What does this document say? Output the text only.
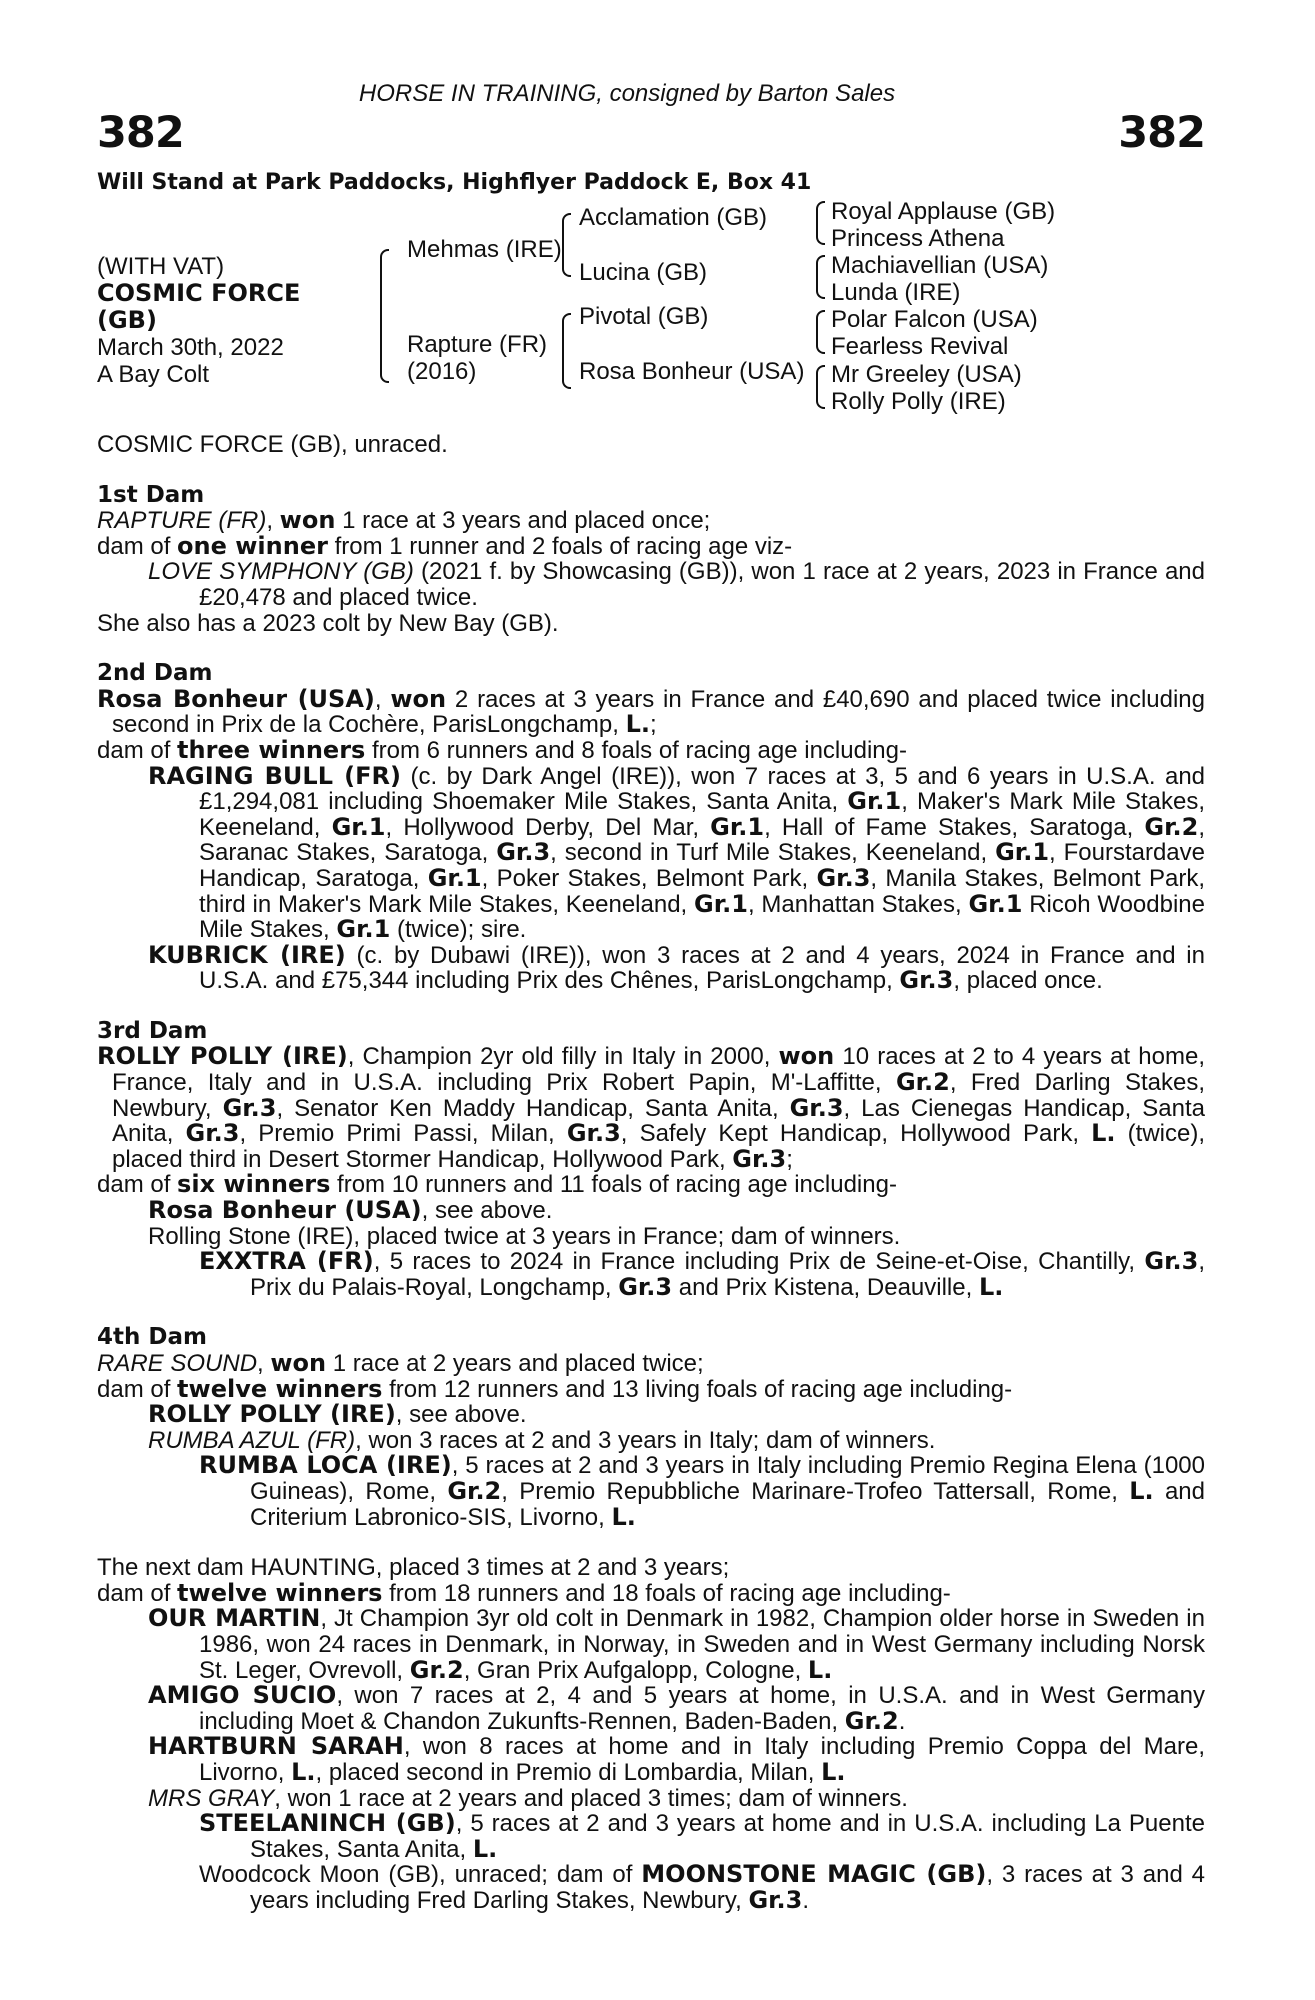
HORSE IN TRAINING, consigned by Barton Sales
382	382
Will Stand at Park Paddocks, Highflyer Paddock E, Box 41
(WITH VAT)
COSMIC FORCE
(GB)
March 30th, 2022
A Bay Colt
Mehmas (IRE)
Rapture (FR)
(2016)
Acclamation (GB)
Lucina (GB)
Pivotal (GB)
Rosa Bonheur (USA)
Royal Applause (GB)
Princess Athena
Machiavellian (USA)
Lunda (IRE)
Polar Falcon (USA)
Fearless Revival
Mr Greeley (USA)
Rolly Polly (IRE)

COSMIC FORCE (GB), unraced.

1st Dam

RAPTURE (FR), won 1 race at 3 years and placed once;

dam of one winner from 1 runner and 2 foals of racing age viz-

LOVE SYMPHONY (GB) (2021 f. by Showcasing (GB)), won 1 race at 2 years, 2023 in France and £20,478 and placed twice.

She also has a 2023 colt by New Bay (GB).

2nd Dam

Rosa Bonheur (USA), won 2 races at 3 years in France and £40,690 and placed twice including second in Prix de la Cochère, ParisLongchamp, L.;

dam of three winners from 6 runners and 8 foals of racing age including-

RAGING BULL (FR) (c. by Dark Angel (IRE)), won 7 races at 3, 5 and 6 years in U.S.A. and £1,294,081 including Shoemaker Mile Stakes, Santa Anita, Gr.1, Maker's Mark Mile Stakes, Keeneland, Gr.1, Hollywood Derby, Del Mar, Gr.1, Hall of Fame Stakes, Saratoga, Gr.2, Saranac Stakes, Saratoga, Gr.3, second in Turf Mile Stakes, Keeneland, Gr.1, Fourstardave Handicap, Saratoga, Gr.1, Poker Stakes, Belmont Park, Gr.3, Manila Stakes, Belmont Park, third in Maker's Mark Mile Stakes, Keeneland, Gr.1, Manhattan Stakes, Gr.1 Ricoh Woodbine Mile Stakes, Gr.1 (twice); sire.

KUBRICK (IRE) (c. by Dubawi (IRE)), won 3 races at 2 and 4 years, 2024 in France and in U.S.A. and £75,344 including Prix des Chênes, ParisLongchamp, Gr.3, placed once.

3rd Dam

ROLLY POLLY (IRE), Champion 2yr old filly in Italy in 2000, won 10 races at 2 to 4 years at home, France, Italy and in U.S.A. including Prix Robert Papin, M'-Laffitte, Gr.2, Fred Darling Stakes, Newbury, Gr.3, Senator Ken Maddy Handicap, Santa Anita, Gr.3, Las Cienegas Handicap, Santa Anita, Gr.3, Premio Primi Passi, Milan, Gr.3, Safely Kept Handicap, Hollywood Park, L. (twice), placed third in Desert Stormer Handicap, Hollywood Park, Gr.3;

dam of six winners from 10 runners and 11 foals of racing age including-

Rosa Bonheur (USA), see above.

Rolling Stone (IRE), placed twice at 3 years in France; dam of winners.

EXXTRA (FR), 5 races to 2024 in France including Prix de Seine-et-Oise, Chantilly, Gr.3, Prix du Palais-Royal, Longchamp, Gr.3 and Prix Kistena, Deauville, L.

4th Dam

RARE SOUND, won 1 race at 2 years and placed twice;

dam of twelve winners from 12 runners and 13 living foals of racing age including-

ROLLY POLLY (IRE), see above.

RUMBA AZUL (FR), won 3 races at 2 and 3 years in Italy; dam of winners.

RUMBA LOCA (IRE), 5 races at 2 and 3 years in Italy including Premio Regina Elena (1000 Guineas), Rome, Gr.2, Premio Repubbliche Marinare-Trofeo Tattersall, Rome, L. and Criterium Labronico-SIS, Livorno, L.

The next dam HAUNTING, placed 3 times at 2 and 3 years;

dam of twelve winners from 18 runners and 18 foals of racing age including-

OUR MARTIN, Jt Champion 3yr old colt in Denmark in 1982, Champion older horse in Sweden in 1986, won 24 races in Denmark, in Norway, in Sweden and in West Germany including Norsk St. Leger, Ovrevoll, Gr.2, Gran Prix Aufgalopp, Cologne, L.

AMIGO SUCIO, won 7 races at 2, 4 and 5 years at home, in U.S.A. and in West Germany including Moet & Chandon Zukunfts-Rennen, Baden-Baden, Gr.2.

HARTBURN SARAH, won 8 races at home and in Italy including Premio Coppa del Mare, Livorno, L., placed second in Premio di Lombardia, Milan, L.

MRS GRAY, won 1 race at 2 years and placed 3 times; dam of winners.

STEELANINCH (GB), 5 races at 2 and 3 years at home and in U.S.A. including La Puente Stakes, Santa Anita, L.

Woodcock Moon (GB), unraced; dam of MOONSTONE MAGIC (GB), 3 races at 3 and 4 years including Fred Darling Stakes, Newbury, Gr.3.
